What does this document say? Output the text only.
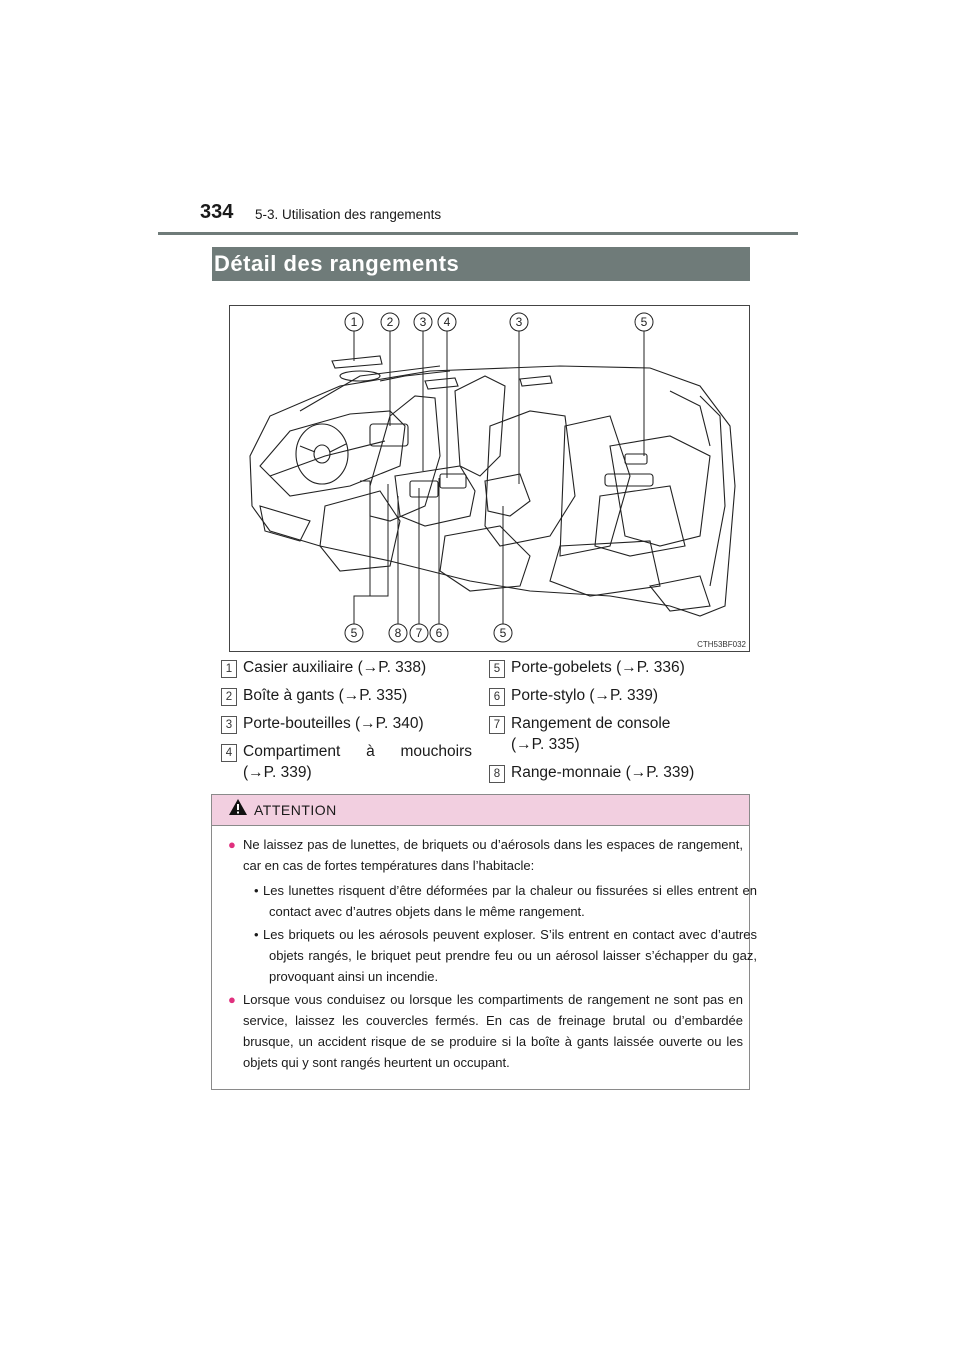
334 5-3. Utilisation des rangements
Détail des rangements
1 2 3 4	3	5
5	8 7 6	5
CTH53BF032
1 Casier auxiliaire (→P. 338)
2 Boîte à gants (→P. 335)
3 Porte-bouteilles (→P. 340)
4 Compartiment à mouchoirs
(→P. 339)
5 Porte-gobelets (→P. 336)
6 Porte-stylo (→P. 339)
7 Rangement de console
(→P. 335)
8 Range-monnaie (→P. 339)
ATTENTION
● Ne laissez pas de lunettes, de briquets ou d’aérosols dans les espaces de rangement, car en cas de fortes températures dans l’habitacle:
• Les lunettes risquent d’être déformées par la chaleur ou fissurées si elles entrent en contact avec d’autres objets dans le même rangement.
• Les briquets ou les aérosols peuvent exploser. S’ils entrent en contact avec d’autres objets rangés, le briquet peut prendre feu ou un aérosol laisser s’échapper du gaz, provoquant ainsi un incendie.
● Lorsque vous conduisez ou lorsque les compartiments de rangement ne sont pas en service, laissez les couvercles fermés. En cas de freinage brutal ou d’embardée brusque, un accident risque de se produire si la boîte à gants laissée ouverte ou les objets qui y sont rangés heurtent un occupant.
